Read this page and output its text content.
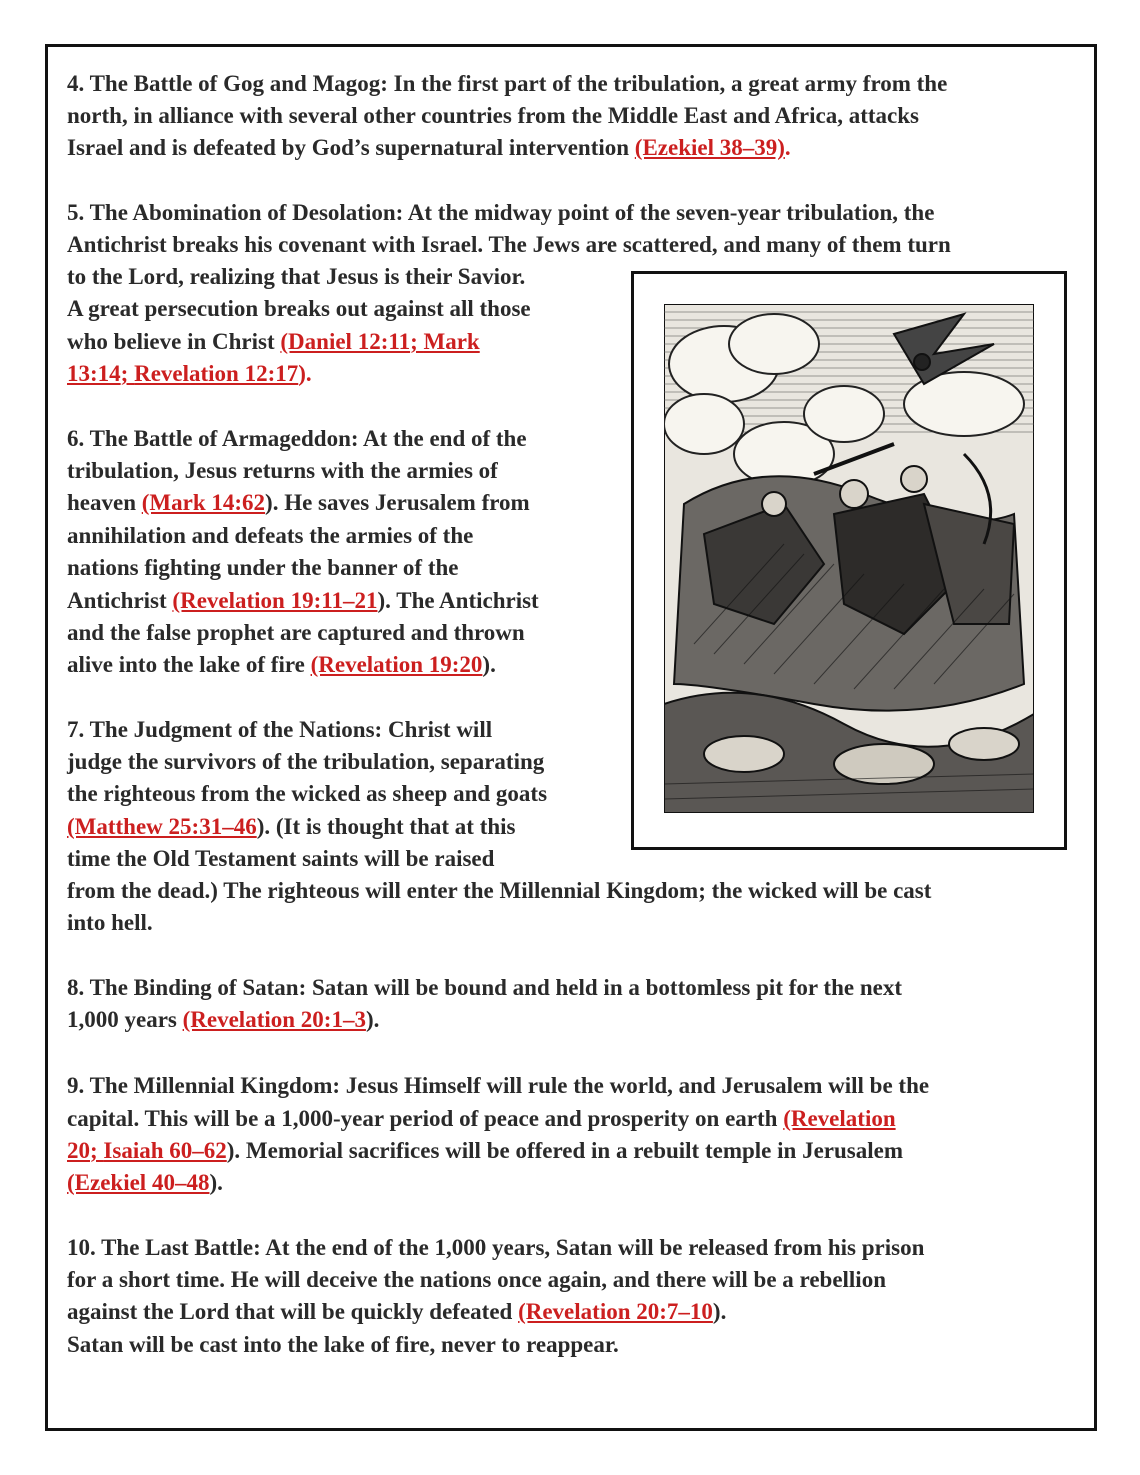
4. The Battle of Gog and Magog: In the first part of the tribulation, a great army from the
north, in alliance with several other countries from the Middle East and Africa, attacks
Israel and is defeated by God’s supernatural intervention (Ezekiel 38–39).
5. The Abomination of Desolation: At the midway point of the seven-year tribulation, the
Antichrist breaks his covenant with Israel. The Jews are scattered, and many of them turn
to the Lord, realizing that Jesus is their Savior.
A great persecution breaks out against all those
who believe in Christ (Daniel 12:11; Mark
13:14; Revelation 12:17).
6. The Battle of Armageddon: At the end of the
tribulation, Jesus returns with the armies of
heaven (Mark 14:62). He saves Jerusalem from
annihilation and defeats the armies of the
nations fighting under the banner of the
Antichrist (Revelation 19:11–21). The Antichrist
and the false prophet are captured and thrown
alive into the lake of fire (Revelation 19:20).
7. The Judgment of the Nations: Christ will
judge the survivors of the tribulation, separating
the righteous from the wicked as sheep and goats
(Matthew 25:31–46). (It is thought that at this
time the Old Testament saints will be raised
from the dead.) The righteous will enter the Millennial Kingdom; the wicked will be cast
into hell.
8. The Binding of Satan: Satan will be bound and held in a bottomless pit for the next
1,000 years (Revelation 20:1–3).
9. The Millennial Kingdom: Jesus Himself will rule the world, and Jerusalem will be the
capital. This will be a 1,000-year period of peace and prosperity on earth (Revelation
20; Isaiah 60–62). Memorial sacrifices will be offered in a rebuilt temple in Jerusalem
(Ezekiel 40–48).
10. The Last Battle: At the end of the 1,000 years, Satan will be released from his prison
for a short time. He will deceive the nations once again, and there will be a rebellion
against the Lord that will be quickly defeated (Revelation 20:7–10).
Satan will be cast into the lake of fire, never to reappear.
